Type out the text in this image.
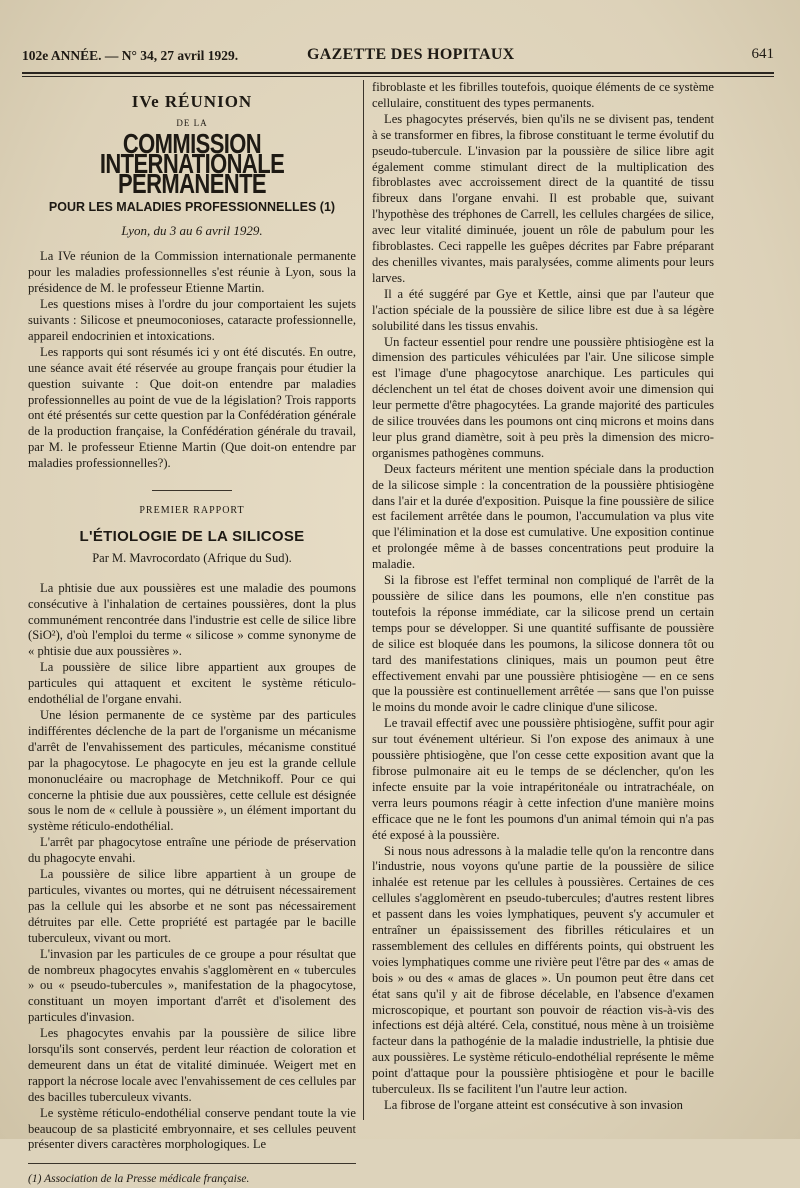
102e ANNÉE. — N° 34, 27 avril 1929.	GAZETTE DES HOPITAUX	641
IVe RÉUNION
DE LA
COMMISSION INTERNATIONALE PERMANENTE
POUR LES MALADIES PROFESSIONNELLES (1)
Lyon, du 3 au 6 avril 1929.

La IVe réunion de la Commission internationale permanente pour les maladies professionnelles s'est réunie à Lyon, sous la présidence de M. le professeur Etienne Martin.

Les questions mises à l'ordre du jour comportaient les sujets suivants : Silicose et pneumoconioses, cataracte professionnelle, appareil endocrinien et intoxications.

Les rapports qui sont résumés ici y ont été discutés. En outre, une séance avait été réservée au groupe français pour étudier la question suivante : Que doit-on entendre par maladies professionnelles au point de vue de la législation? Trois rapports ont été présentés sur cette question par la Confédération générale de la production française, la Confédération générale du travail, par M. le professeur Etienne Martin (Que doit-on entendre par maladies professionnelles?).

PREMIER RAPPORT
L'ÉTIOLOGIE DE LA SILICOSE
Par M. Mavrocordato (Afrique du Sud).

La phtisie due aux poussières est une maladie des poumons consécutive à l'inhalation de certaines poussières, dont la plus communément rencontrée dans l'industrie est celle de silice libre (SiO²), d'où l'emploi du terme « silicose » comme synonyme de « phtisie due aux poussières ».

La poussière de silice libre appartient aux groupes de particules qui attaquent et excitent le système réticulo-endothélial de l'organe envahi.

Une lésion permanente de ce système par des particules indifférentes déclenche de la part de l'organisme un mécanisme d'arrêt de l'envahissement des particules, mécanisme constitué par la phagocytose. Le phagocyte en jeu est la grande cellule mononucléaire ou macrophage de Metchnikoff. Pour ce qui concerne la phtisie due aux poussières, cette cellule est désignée sous le nom de « cellule à poussière », un élément important du système réticulo-endothélial.

L'arrêt par phagocytose entraîne une période de préservation du phagocyte envahi.

La poussière de silice libre appartient à un groupe de particules, vivantes ou mortes, qui ne détruisent nécessairement pas la cellule qui les absorbe et ne sont pas nécessairement détruites par elle. Cette propriété est partagée par le bacille tuberculeux, vivant ou mort.

L'invasion par les particules de ce groupe a pour résultat que de nombreux phagocytes envahis s'agglomèrent en « tubercules » ou « pseudo-tubercules », manifestation de la phagocytose, constituant un moyen important d'arrêt et d'isolement des particules d'invasion.

Les phagocytes envahis par la poussière de silice libre lorsqu'ils sont conservés, perdent leur réaction de coloration et demeurent dans un état de vitalité diminuée. Weigert met en rapport la nécrose locale avec l'envahissement de ces cellules par des bacilles tuberculeux vivants.

Le système réticulo-endothélial conserve pendant toute la vie beaucoup de sa plasticité embryonnaire, et ses cellules peuvent présenter divers caractères morphologiques. Le

(1) Association de la Presse médicale française.

fibroblaste et les fibrilles toutefois, quoique éléments de ce système cellulaire, constituent des types permanents.

Les phagocytes préservés, bien qu'ils ne se divisent pas, tendent à se transformer en fibres, la fibrose constituant le terme évolutif du pseudo-tubercule. L'invasion par la poussière de silice libre agit également comme stimulant direct de la multiplication des fibroblastes avec accroissement direct de la quantité de tissu fibreux dans l'organe envahi. Il est probable que, suivant l'hypothèse des tréphones de Carrell, les cellules chargées de silice, avec leur vitalité diminuée, jouent un rôle de pabulum pour les fibroblastes. Ceci rappelle les guêpes décrites par Fabre préparant des chenilles vivantes, mais paralysées, comme aliments pour leurs larves.

Il a été suggéré par Gye et Kettle, ainsi que par l'auteur que l'action spéciale de la poussière de silice libre est due à sa légère solubilité dans les tissus envahis.

Un facteur essentiel pour rendre une poussière phtisiogène est la dimension des particules véhiculées par l'air. Une silicose simple est l'image d'une phagocytose anarchique. Les particules qui déclenchent un tel état de choses doivent avoir une dimension qui leur permette d'être phagocytées. La grande majorité des particules de silice trouvées dans les poumons ont cinq microns et moins dans leur plus grand diamètre, soit à peu près la dimension des micro-organismes pathogènes communs.

Deux facteurs méritent une mention spéciale dans la production de la silicose simple : la concentration de la poussière phtisiogène dans l'air et la durée d'exposition. Puisque la fine poussière de silice est facilement arrêtée dans le poumon, l'accumulation va plus vite que l'élimination et la dose est cumulative. Une exposition continue et prolongée même à de basses concentrations peut produire la maladie.

Si la fibrose est l'effet terminal non compliqué de l'arrêt de la poussière de silice dans les poumons, elle n'en constitue pas toutefois la réponse immédiate, car la silicose prend un certain temps pour se développer. Si une quantité suffisante de poussière de silice est bloquée dans les poumons, la silicose donnera tôt ou tard des manifestations cliniques, mais un poumon peut être effectivement envahi par une poussière phtisiogène — en ce sens que la poussière est continuellement arrêtée — sans que l'on puisse le moins du monde avoir le cadre clinique d'une silicose.

Le travail effectif avec une poussière phtisiogène, suffit pour agir sur tout événement ultérieur. Si l'on expose des animaux à une poussière phtisiogène, que l'on cesse cette exposition avant que la fibrose pulmonaire ait eu le temps de se déclencher, qu'on les infecte ensuite par la voie intrapéritonéale ou intratrachéale, on verra leurs poumons réagir à cette infection d'une manière moins efficace que ne le font les poumons d'un animal témoin qui n'a pas été exposé à la poussière.

Si nous nous adressons à la maladie telle qu'on la rencontre dans l'industrie, nous voyons qu'une partie de la poussière de silice inhalée est retenue par les cellules à poussières. Certaines de ces cellules s'agglomèrent en pseudo-tubercules; d'autres restent libres et passent dans les voies lymphatiques, peuvent s'y accumuler et entraîner un épaississement des fibrilles réticulaires et un rassemblement des cellules en différents points, qui obstruent les voies lymphatiques comme une rivière peut l'être par des « amas de bois » ou des « amas de glaces ». Un poumon peut être dans cet état sans qu'il y ait de fibrose décelable, en l'absence d'examen microscopique, et pourtant son pouvoir de réaction vis-à-vis des infections est déjà altéré. Cela, constitué, nous mène à un troisième facteur dans la pathogénie de la maladie industrielle, la phtisie due aux poussières. Le système réticulo-endothélial représente le même point d'attaque pour la poussière phtisiogène et pour le bacille tuberculeux. Ils se facilitent l'un l'autre leur action.

La fibrose de l'organe atteint est consécutive à son invasion
